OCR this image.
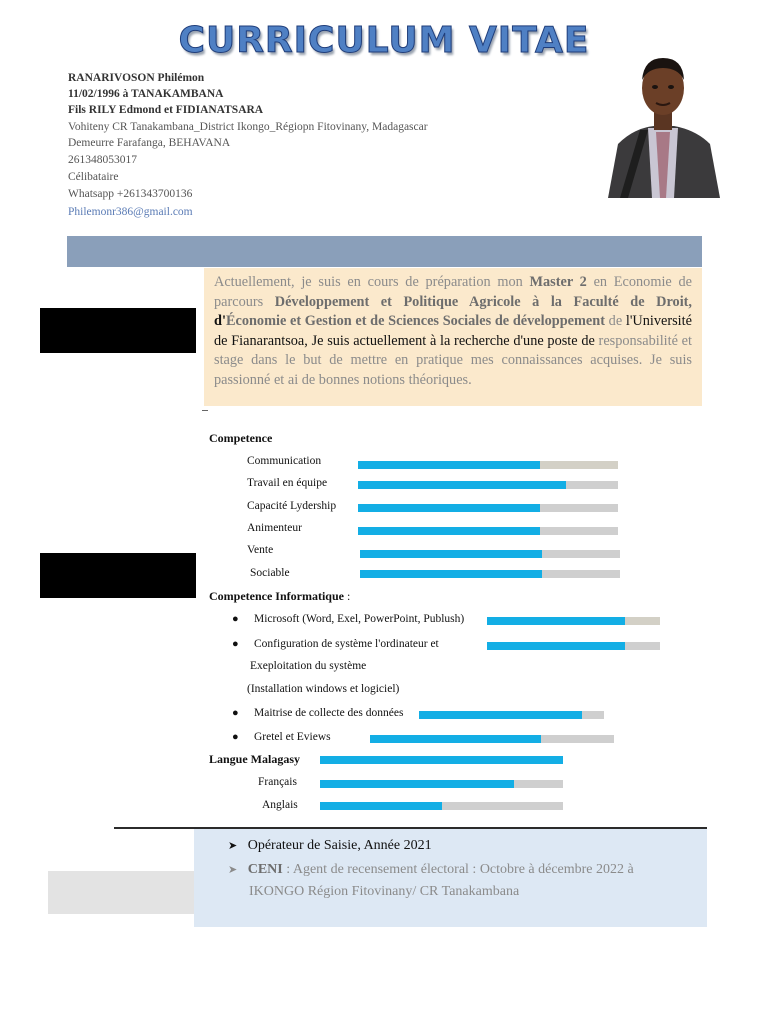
CURRICULUM VITAE
RANARIVOSON Philémon
11/02/1996 à TANAKAMBANA
Fils RILY Edmond et FIDIANATSARA
Vohiteny CR Tanakambana_District Ikongo_Régiopn Fitovinany, Madagascar
Demeurre Farafanga, BEHAVANA
261348053017
Célibataire
Whatsapp +261343700136
Philemonr386@gmail.com
Actuellement, je suis en cours de préparation mon Master 2 en Economie de parcours Développement et Politique Agricole à la Faculté de Droit, d'Économie et Gestion et de Sciences Sociales de développement de l'Université de Fianarantsoa, Je suis actuellement à la recherche d'une poste de responsabilité et stage dans le but de mettre en pratique mes connaissances acquises. Je suis passionné et ai de bonnes notions théoriques.
Competence
Communication
Travail en équipe
Capacité Lydership
Animenteur
Vente
Sociable
Competence Informatique :
● Microsoft (Word, Exel, PowerPoint, Publush)
● Configuration de système l'ordinateur et
Exeploitation du système
(Installation windows et logiciel)
● Maitrise de collecte des données
● Gretel et Eviews
Langue Malagasy
Français
Anglais
➤ Opérateur de Saisie, Année 2021
➤ CENI : Agent de recensement électoral : Octobre à décembre 2022 à
IKONGO Région Fitovinany/ CR Tanakambana
